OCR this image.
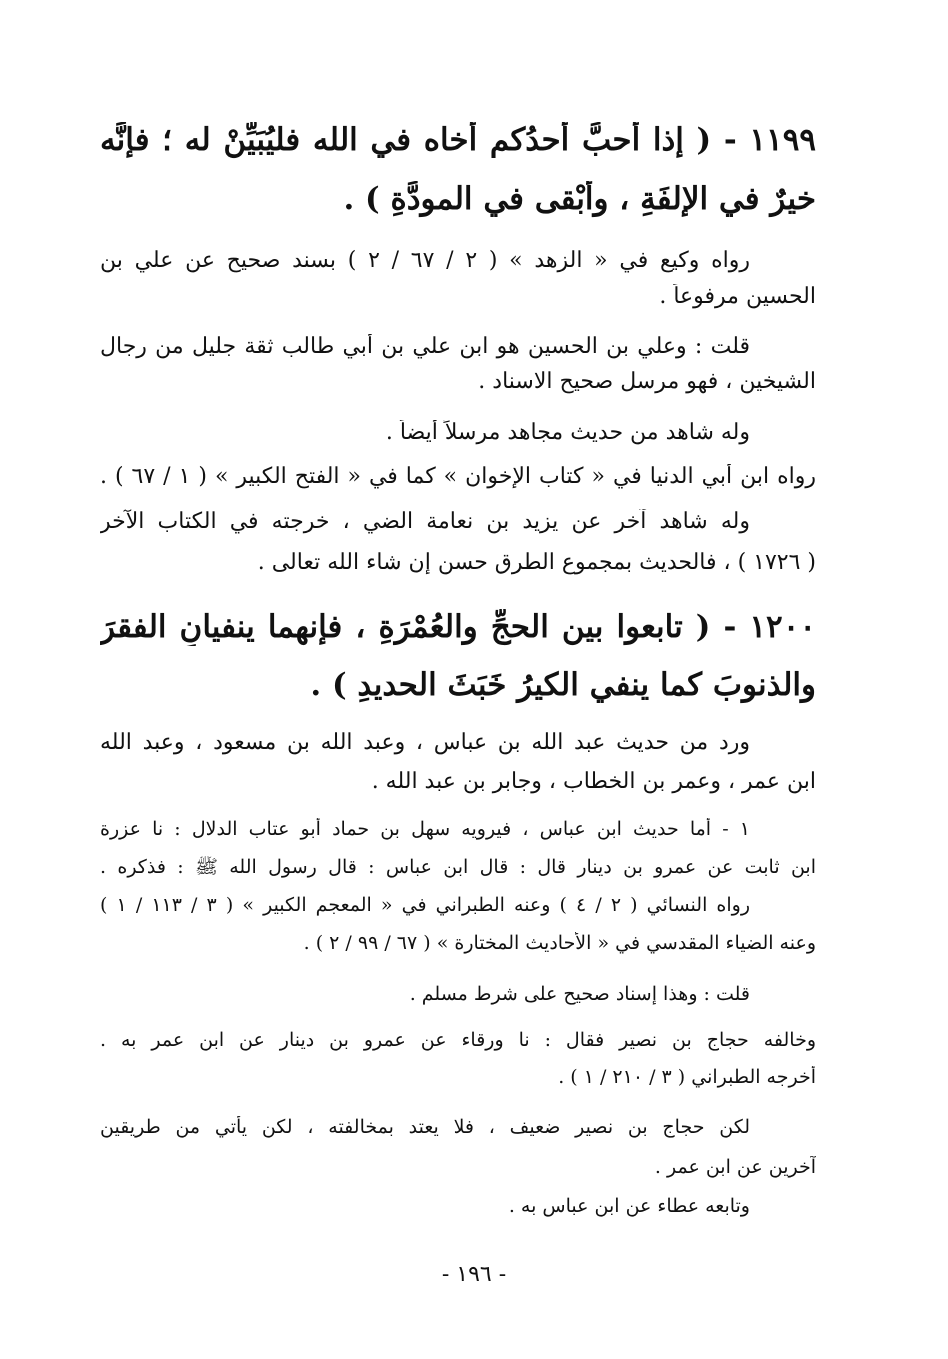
١١٩٩ - ( إذا أحبَّ أحدُكم أخاه في الله فليُبَيِّنْ له ؛ فإنَّه

خيرٌ في الإلفَةِ ، وأبْقى في المودَّةِ ) .

رواه وكيع في « الزهد » ( ٢ / ٦٧ / ٢ ) بسند صحيح عن علي بن

الحسين مرفوعاً .

قلت : وعلي بن الحسين هو ابن علي بن أبي طالب ثقة جليل من رجال

الشيخين ، فهو مرسل صحيح الاسناد .

وله شاهد من حديث مجاهد مرسلاً أيضاً .

رواه ابن أبي الدنيا في « كتاب الإخوان » كما في « الفتح الكبير » ( ١ / ٦٧ ) .

وله شاهد آخر عن يزيد بن نعامة الضي ، خرجته في الكتاب الآخر

( ١٧٢٦ ) ، فالحديث بمجموع الطرق حسن إن شاء الله تعالى .

١٢٠٠ - ( تابعوا بين الحجِّ والعُمْرَةِ ، فإنهما ينفيانِ الفقرَ

والذنوبَ كما ينفي الكيرُ خَبَثَ الحديدِ ) .

ورد من حديث عبد الله بن عباس ، وعبد الله بن مسعود ، وعبد الله

ابن عمر ، وعمر بن الخطاب ، وجابر بن عبد الله .

١ - أما حديث ابن عباس ، فيرويه سهل بن حماد أبو عتاب الدلال : نا عزرة

ابن ثابت عن عمرو بن دينار قال : قال ابن عباس : قال رسول الله ﷺ : فذكره .

رواه النسائي ( ٢ / ٤ ) وعنه الطبراني في « المعجم الكبير » ( ٣ / ١١٣ / ١ )

وعنه الضياء المقدسي في « الأحاديث المختارة » ( ٦٧ / ٩٩ / ٢ ) .

قلت : وهذا إسناد صحيح على شرط مسلم .

وخالفه حجاج بن نصير فقال : نا ورقاء عن عمرو بن دينار عن ابن عمر به .

أخرجه الطبراني ( ٣ / ٢١٠ / ١ ) .

لكن حجاج بن نصير ضعيف ، فلا يعتد بمخالفته ، لكن يأتي من طريقين

آخرين عن ابن عمر .

وتابعه عطاء عن ابن عباس به .

- ١٩٦ -
